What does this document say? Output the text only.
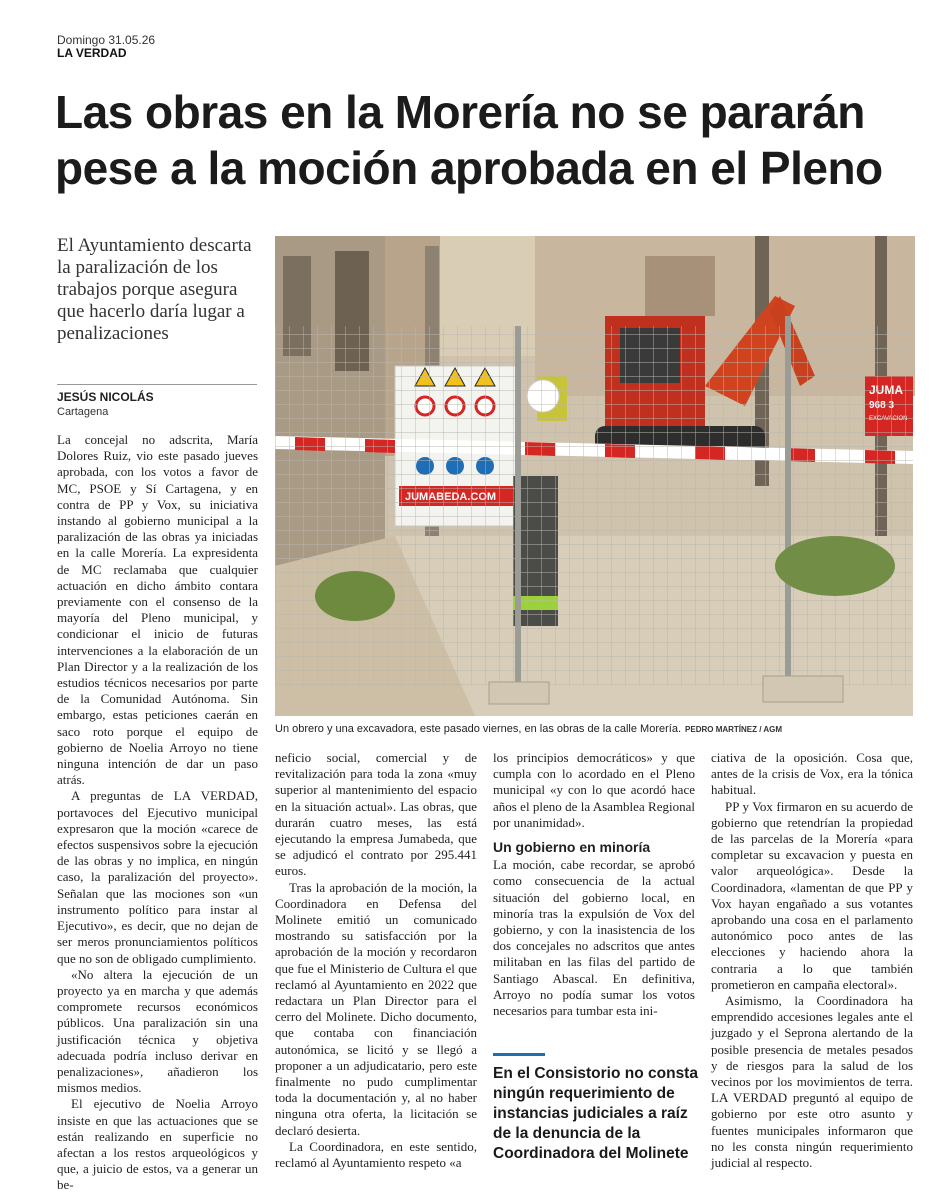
Domingo 31.05.26
LA VERDAD
Las obras en la Morería no se pararán pese a la moción aprobada en el Pleno
El Ayuntamiento descarta la paralización de los trabajos porque asegura que hacerlo daría lugar a penalizaciones
JESÚS NICOLÁS
Cartagena

La concejal no adscrita, María Dolores Ruiz, vio este pasado jueves aprobada, con los votos a favor de MC, PSOE y Sí Cartagena, y en contra de PP y Vox, su iniciativa instando al gobierno municipal a la paralización de las obras ya iniciadas en la calle Morería. La expresidenta de MC reclamaba que cualquier actuación en dicho ámbito contara previamente con el consenso de la mayoría del Pleno municipal, y condicionar el inicio de futuras intervenciones a la elaboración de un Plan Director y a la realización de los estudios técnicos necesarios por parte de la Comunidad Autónoma. Sin embargo, estas peticiones caerán en saco roto porque el equipo de gobierno de Noelia Arroyo no tiene ninguna intención de dar un paso atrás.

A preguntas de LA VERDAD, portavoces del Ejecutivo municipal expresaron que la moción «carece de efectos suspensivos sobre la ejecución de las obras y no implica, en ningún caso, la paralización del proyecto». Señalan que las mociones son «un instrumento político para instar al Ejecutivo», es decir, que no dejan de ser meros pronunciamientos políticos que no son de obligado cumplimiento.

«No altera la ejecución de un proyecto ya en marcha y que además compromete recursos económicos públicos. Una paralización sin una justificación técnica y objetiva adecuada podría incluso derivar en penalizaciones», añadieron los mismos medios.

El ejecutivo de Noelia Arroyo insiste en que las actuaciones que se están realizando en superficie no afectan a los restos arqueológicos y que, a juicio de estos, va a generar un be-

Un obrero y una excavadora, este pasado viernes, en las obras de la calle Morería. PEDRO MARTÍNEZ / AGM

neficio social, comercial y de revitalización para toda la zona «muy superior al mantenimiento del espacio en la situación actual». Las obras, que durarán cuatro meses, las está ejecutando la empresa Jumabeda, que se adjudicó el contrato por 295.441 euros.

Tras la aprobación de la moción, la Coordinadora en Defensa del Molinete emitió un comunicado mostrando su satisfacción por la aprobación de la moción y recordaron que fue el Ministerio de Cultura el que reclamó al Ayuntamiento en 2022 que redactara un Plan Director para el cerro del Molinete. Dicho documento, que contaba con financiación autonómica, se licitó y se llegó a proponer a un adjudicatario, pero este finalmente no pudo cumplimentar toda la documentación y, al no haber ninguna otra oferta, la licitación se declaró desierta.

La Coordinadora, en este sentido, reclamó al Ayuntamiento respeto «a

los principios democráticos» y que cumpla con lo acordado en el Pleno municipal «y con lo que acordó hace años el pleno de la Asamblea Regional por unanimidad».

Un gobierno en minoría

La moción, cabe recordar, se aprobó como consecuencia de la actual situación del gobierno local, en minoría tras la expulsión de Vox del gobierno, y con la inasistencia de los dos concejales no adscritos que antes militaban en las filas del partido de Santiago Abascal. En definitiva, Arroyo no podía sumar los votos necesarios para tumbar esta ini-

En el Consistorio no consta ningún requerimiento de instancias judiciales a raíz de la denuncia de la Coordinadora del Molinete

ciativa de la oposición. Cosa que, antes de la crisis de Vox, era la tónica habitual.

PP y Vox firmaron en su acuerdo de gobierno que retendrían la propiedad de las parcelas de la Morería «para completar su excavacion y puesta en valor arqueológica». Desde la Coordinadora, «lamentan de que PP y Vox hayan engañado a sus votantes aprobando una cosa en el parlamento autonómico poco antes de las elecciones y haciendo ahora la contraria a lo que también prometieron en campaña electoral».

Asimismo, la Coordinadora ha emprendido accesiones legales ante el juzgado y el Seprona alertando de la posible presencia de metales pesados y de riesgos para la salud de los vecinos por los movimientos de terra. LA VERDAD preguntó al equipo de gobierno por este otro asunto y fuentes municipales informaron que no les consta ningún requerimiento judicial al respecto.
